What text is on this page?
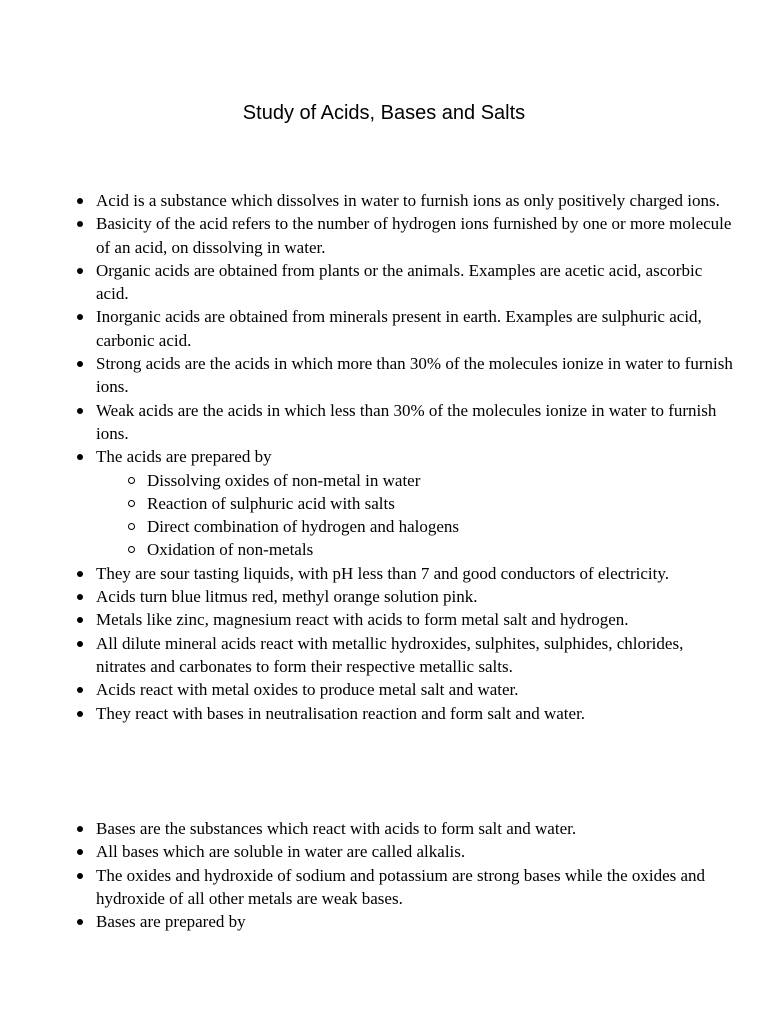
Study of Acids, Bases and Salts
Acid is a substance which dissolves in water to furnish ions as only positively charged ions.
Basicity of the acid refers to the number of hydrogen ions furnished by one or more molecule of an acid, on dissolving in water.
Organic acids are obtained from plants or the animals. Examples are acetic acid, ascorbic acid.
Inorganic acids are obtained from minerals present in earth. Examples are sulphuric acid, carbonic acid.
Strong acids are the acids in which more than 30% of the molecules ionize in water to furnish ions.
Weak acids are the acids in which less than 30% of the molecules ionize in water to furnish ions.
The acids are prepared by
Dissolving oxides of non-metal in water
Reaction of sulphuric acid with salts
Direct combination of hydrogen and halogens
Oxidation of non-metals
They are sour tasting liquids, with pH less than 7 and good conductors of electricity.
Acids turn blue litmus red, methyl orange solution pink.
Metals like zinc, magnesium react with acids to form metal salt and hydrogen.
All dilute mineral acids react with metallic hydroxides, sulphites, sulphides, chlorides, nitrates and carbonates to form their respective metallic salts.
Acids react with metal oxides to produce metal salt and water.
They react with bases in neutralisation reaction and form salt and water.
Bases are the substances which react with acids to form salt and water.
All bases which are soluble in water are called alkalis.
The oxides and hydroxide of sodium and potassium are strong bases while the oxides and hydroxide of all other metals are weak bases.
Bases are prepared by
